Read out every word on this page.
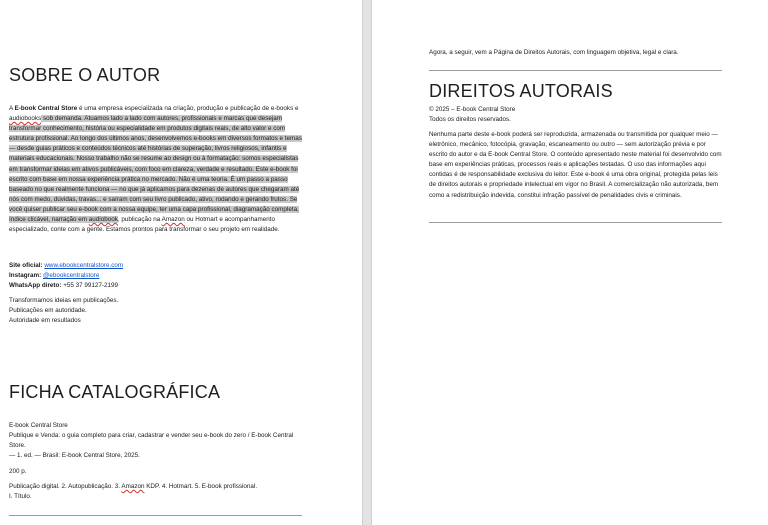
SOBRE O AUTOR

A E-book Central Store é uma empresa especializada na criação, produção e publicação de e-books e audiobooks sob demanda. Atuamos lado a lado com autores, profissionais e marcas que desejam transformar conhecimento, história ou especialidade em produtos digitais reais, de alto valor e com estrutura profissional. Ao longo dos últimos anos, desenvolvemos e-books em diversos formatos e temas — desde guias práticos e conteúdos técnicos até histórias de superação, livros religiosos, infantis e materiais educacionais. Nosso trabalho não se resume ao design ou à formatação: somos especialistas em transformar ideias em ativos publicáveis, com foco em clareza, verdade e resultado. Este e-book foi escrito com base em nossa experiência prática no mercado. Não é uma teoria. É um passo a passo baseado no que realmente funciona — no que já aplicamos para dezenas de autores que chegaram até nós com medo, dúvidas, travas... e saíram com seu livro publicado, ativo, rodando e gerando frutos. Se você quiser publicar seu e-book com a nossa equipe, ter uma capa profissional, diagramação completa, índice clicável, narração em audiobook, publicação na Amazon ou Hotmart e acompanhamento especializado, conte com a gente. Estamos prontos para transformar o seu projeto em realidade.

Site oficial: www.ebookcentralstore.com
Instagram: @ebookcentralstore
WhatsApp direto: +55 37 99127-2199

Transformamos ideias em publicações.
Publicações em autoridade.
Autoridade em resultados

FICHA CATALOGRÁFICA

E-book Central Store
Publique e Venda: o guia completo para criar, cadastrar e vender seu e-book do zero / E-book Central Store.
— 1. ed. — Brasil: E-book Central Store, 2025.

200 p.

Publicação digital. 2. Autopublicação. 3. Amazon KDP. 4. Hotmart. 5. E-book profissional.
I. Título.

Agora, a seguir, vem a Página de Direitos Autorais, com linguagem objetiva, legal e clara.

DIREITOS AUTORAIS

© 2025 – E-book Central Store
Todos os direitos reservados.

Nenhuma parte deste e-book poderá ser reproduzida, armazenada ou transmitida por qualquer meio — eletrônico, mecânico, fotocópia, gravação, escaneamento ou outro — sem autorização prévia e por escrito do autor e da E-book Central Store. O conteúdo apresentado neste material foi desenvolvido com base em experiências práticas, processos reais e aplicações testadas. O uso das informações aqui contidas é de responsabilidade exclusiva do leitor. Este e-book é uma obra original, protegida pelas leis de direitos autorais e propriedade intelectual em vigor no Brasil. A comercialização não autorizada, bem como a redistribuição indevida, constitui infração passível de penalidades civis e criminais.
